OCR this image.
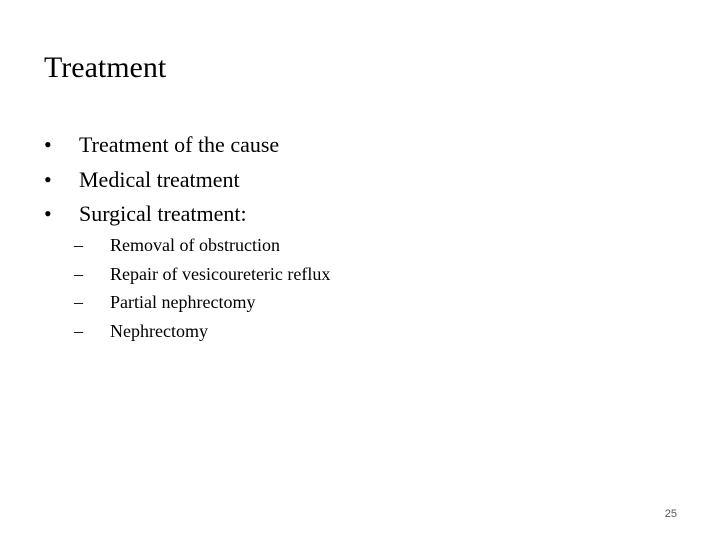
Treatment
• Treatment of the cause
• Medical treatment
• Surgical treatment:
– Removal of obstruction
– Repair of vesicoureteric reflux
– Partial nephrectomy
– Nephrectomy
25
